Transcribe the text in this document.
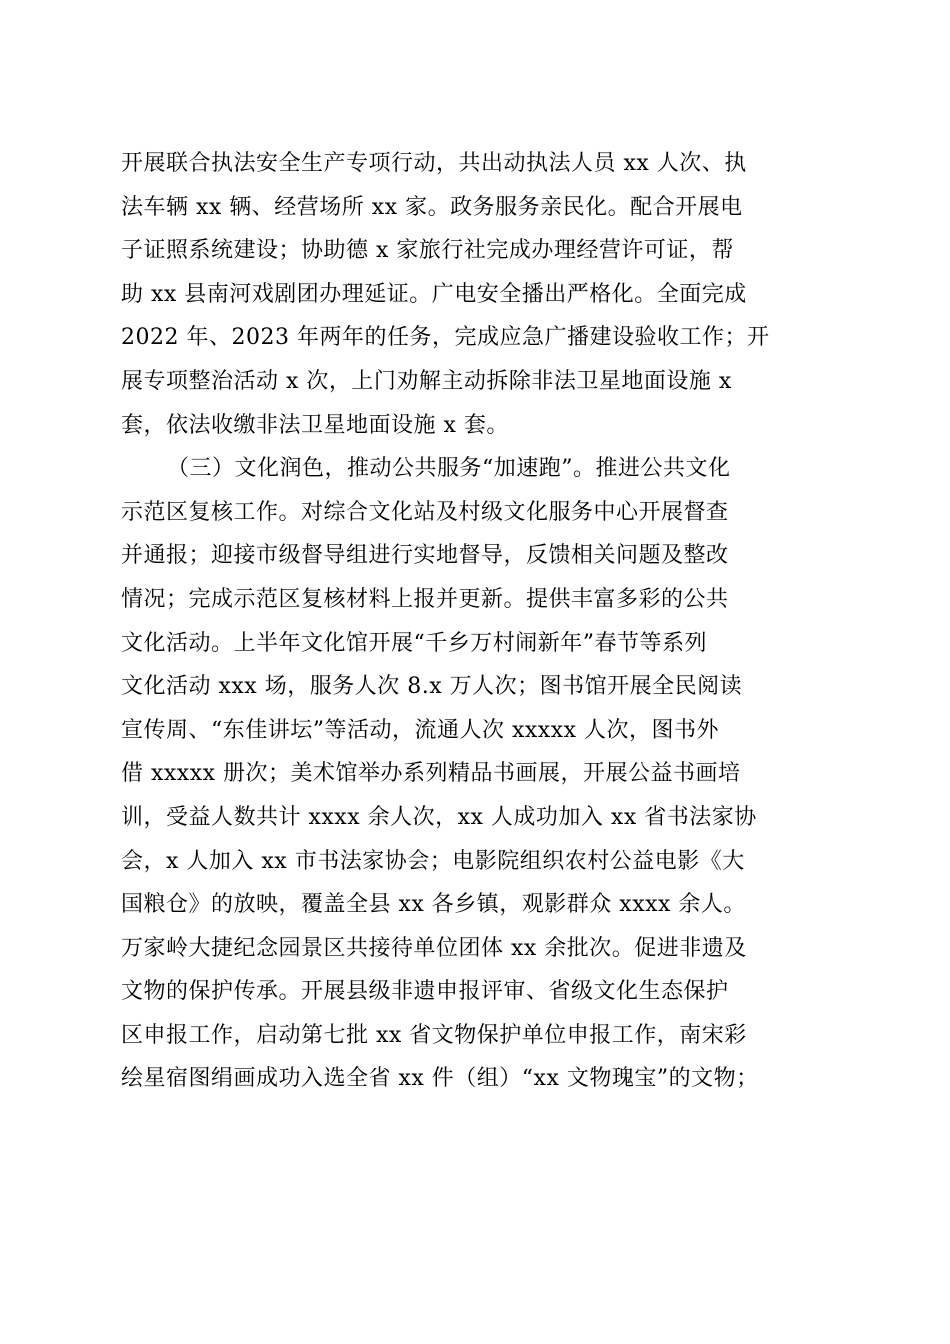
开展联合执法安全生产专项行动，共出动执法人员 xx 人次、执
法车辆 xx 辆、经营场所 xx 家。政务服务亲民化。配合开展电
子证照系统建设；协助德 x 家旅行社完成办理经营许可证，帮
助 xx 县南河戏剧团办理延证。广电安全播出严格化。全面完成
2022 年、2023 年两年的任务，完成应急广播建设验收工作；开
展专项整治活动 x 次，上门劝解主动拆除非法卫星地面设施 x
套，依法收缴非法卫星地面设施 x 套。
（三）文化润色，推动公共服务“加速跑”。推进公共文化
示范区复核工作。对综合文化站及村级文化服务中心开展督查
并通报；迎接市级督导组进行实地督导，反馈相关问题及整改
情况；完成示范区复核材料上报并更新。提供丰富多彩的公共
文化活动。上半年文化馆开展“千乡万村闹新年”春节等系列
文化活动 xxx 场，服务人次 8.x 万人次；图书馆开展全民阅读
宣传周、“东佳讲坛”等活动，流通人次 xxxxx 人次，图书外
借 xxxxx 册次；美术馆举办系列精品书画展，开展公益书画培
训，受益人数共计 xxxx 余人次，xx 人成功加入 xx 省书法家协
会，x 人加入 xx 市书法家协会；电影院组织农村公益电影《大
国粮仓》的放映，覆盖全县 xx 各乡镇，观影群众 xxxx 余人。
万家岭大捷纪念园景区共接待单位团体 xx 余批次。促进非遗及
文物的保护传承。开展县级非遗申报评审、省级文化生态保护
区申报工作，启动第七批 xx 省文物保护单位申报工作，南宋彩
绘星宿图绢画成功入选全省 xx 件（组）“xx 文物瑰宝”的文物；
